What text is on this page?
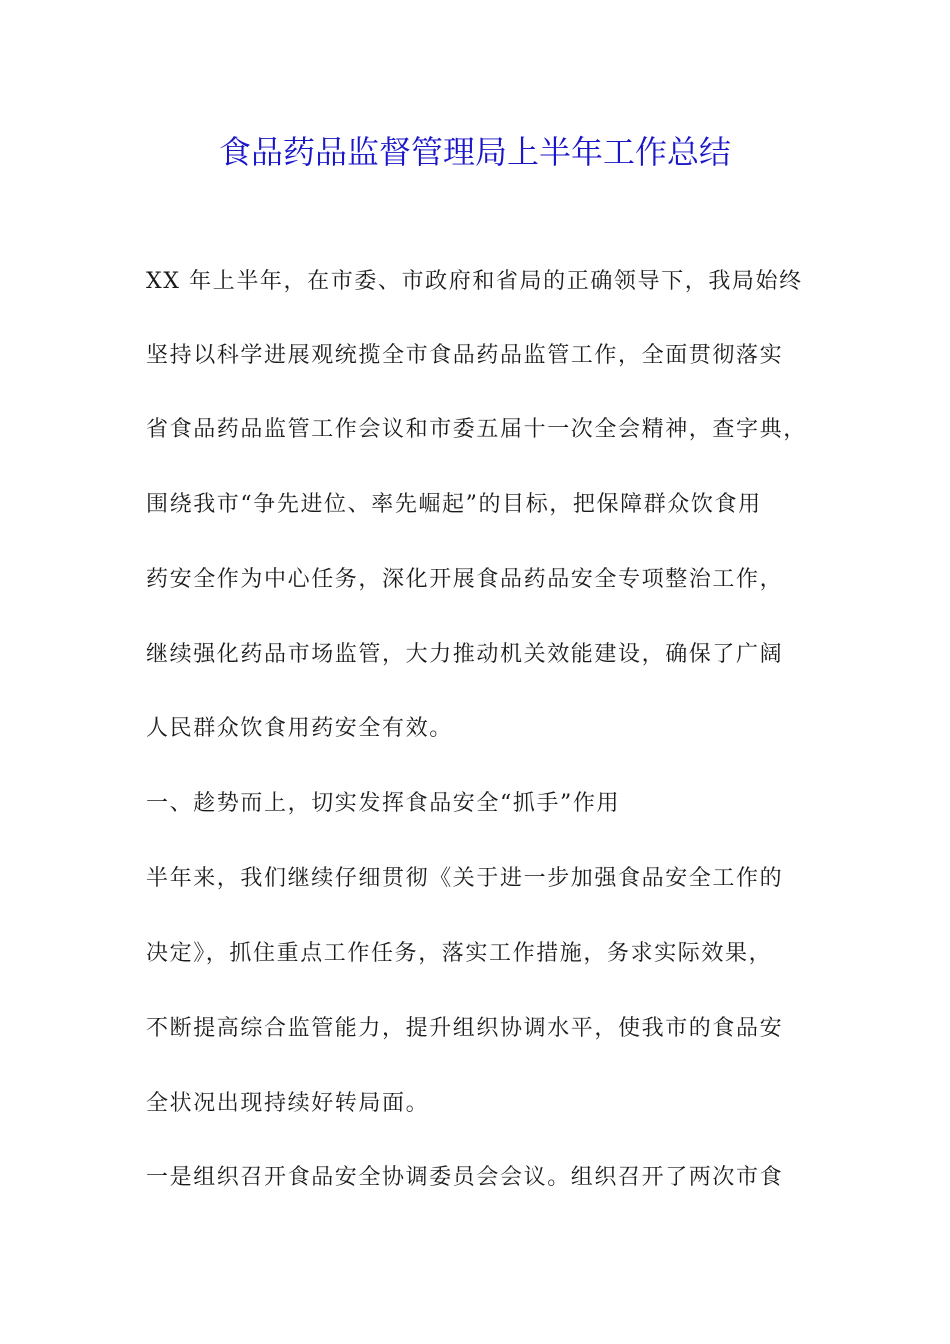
食品药品监督管理局上半年工作总结

XX 年上半年，在市委、市政府和省局的正确领导下，我局始终

坚持以科学进展观统揽全市食品药品监管工作，全面贯彻落实

省食品药品监管工作会议和市委五届十一次全会精神，查字典，

围绕我市“争先进位、率先崛起”的目标，把保障群众饮食用

药安全作为中心任务，深化开展食品药品安全专项整治工作，

继续强化药品市场监管，大力推动机关效能建设，确保了广阔

人民群众饮食用药安全有效。

一、趁势而上，切实发挥食品安全“抓手”作用

半年来，我们继续仔细贯彻《关于进一步加强食品安全工作的

决定》，抓住重点工作任务，落实工作措施，务求实际效果，

不断提高综合监管能力，提升组织协调水平，使我市的食品安

全状况出现持续好转局面。

一是组织召开食品安全协调委员会会议。组织召开了两次市食
